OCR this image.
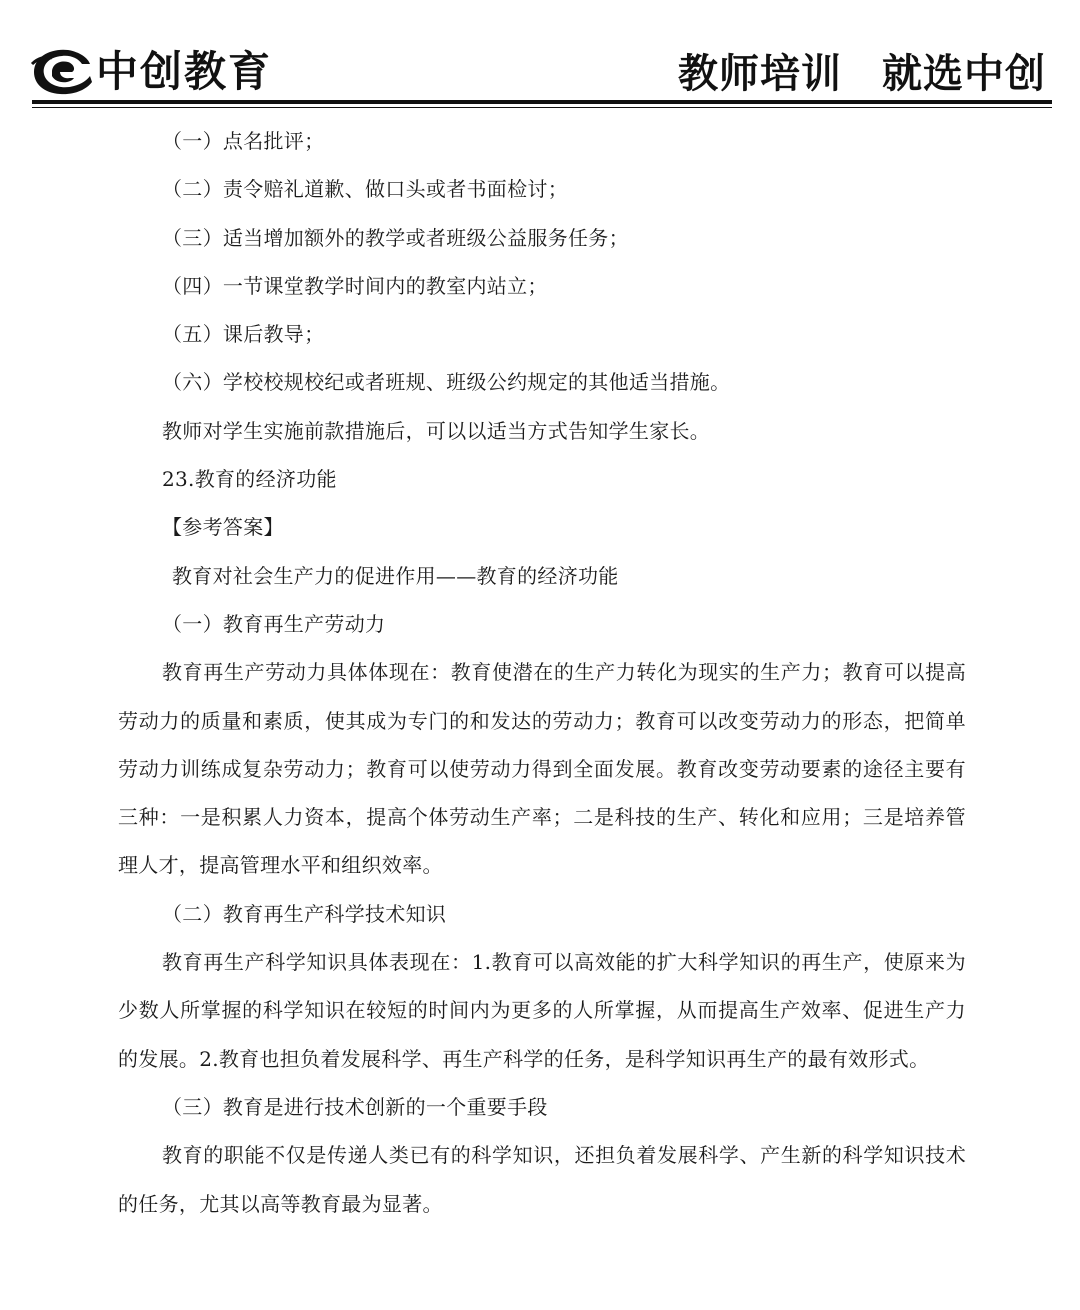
中创教育	教师培训 就选中创
（一）点名批评；
（二）责令赔礼道歉、做口头或者书面检讨；
（三）适当增加额外的教学或者班级公益服务任务；
（四）一节课堂教学时间内的教室内站立；
（五）课后教导；
（六）学校校规校纪或者班规、班级公约规定的其他适当措施。
教师对学生实施前款措施后，可以以适当方式告知学生家长。
23.教育的经济功能
【参考答案】
教育对社会生产力的促进作用——教育的经济功能
（一）教育再生产劳动力

教育再生产劳动力具体体现在：教育使潜在的生产力转化为现实的生产力；教育可以提高劳动力的质量和素质，使其成为专门的和发达的劳动力；教育可以改变劳动力的形态，把简单劳动力训练成复杂劳动力；教育可以使劳动力得到全面发展。教育改变劳动要素的途径主要有三种：一是积累人力资本，提高个体劳动生产率；二是科技的生产、转化和应用；三是培养管理人才，提高管理水平和组织效率。

（二）教育再生产科学技术知识

教育再生产科学知识具体表现在：1.教育可以高效能的扩大科学知识的再生产，使原来为少数人所掌握的科学知识在较短的时间内为更多的人所掌握，从而提高生产效率、促进生产力的发展。2.教育也担负着发展科学、再生产科学的任务，是科学知识再生产的最有效形式。

（三）教育是进行技术创新的一个重要手段

教育的职能不仅是传递人类已有的科学知识，还担负着发展科学、产生新的科学知识技术的任务，尤其以高等教育最为显著。
